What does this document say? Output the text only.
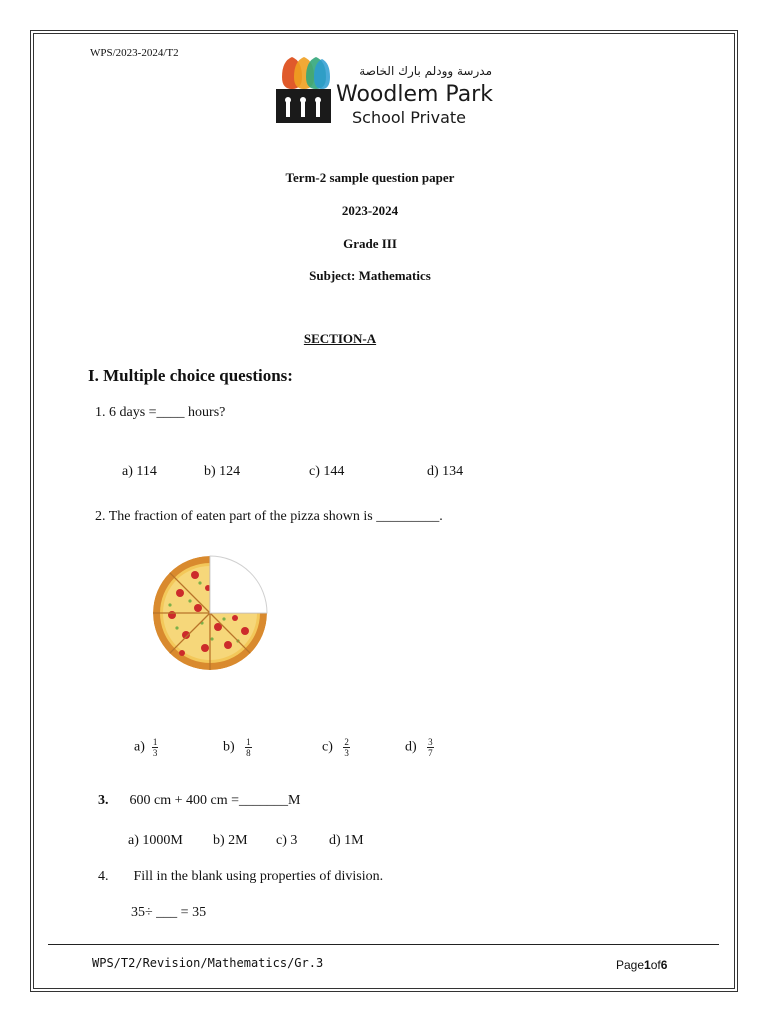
WPS/2023-2024/T2
مدرسة وودلم بارك الخاصة
Woodlem Park
School Private
Term-2 sample question paper
2023-2024
Grade III
Subject: Mathematics
SECTION-A
I. Multiple choice questions:
1. 6 days =____ hours?
a) 114	b) 124	c) 144	d) 134
2. The fraction of eaten part of the pizza shown is _________.
$a) \frac{1}{3}$	$b) \frac{1}{8}$	$c) \frac{2}{3}$	$d) \frac{3}{7}$
3. 600 cm + 400 cm =_______M
a) 1000M b) 2M c) 3 d) 1M
4. Fill in the blank using properties of division.
35÷ ___ = 35
WPS/T2/Revision/Mathematics/Gr.3	Page1of6
